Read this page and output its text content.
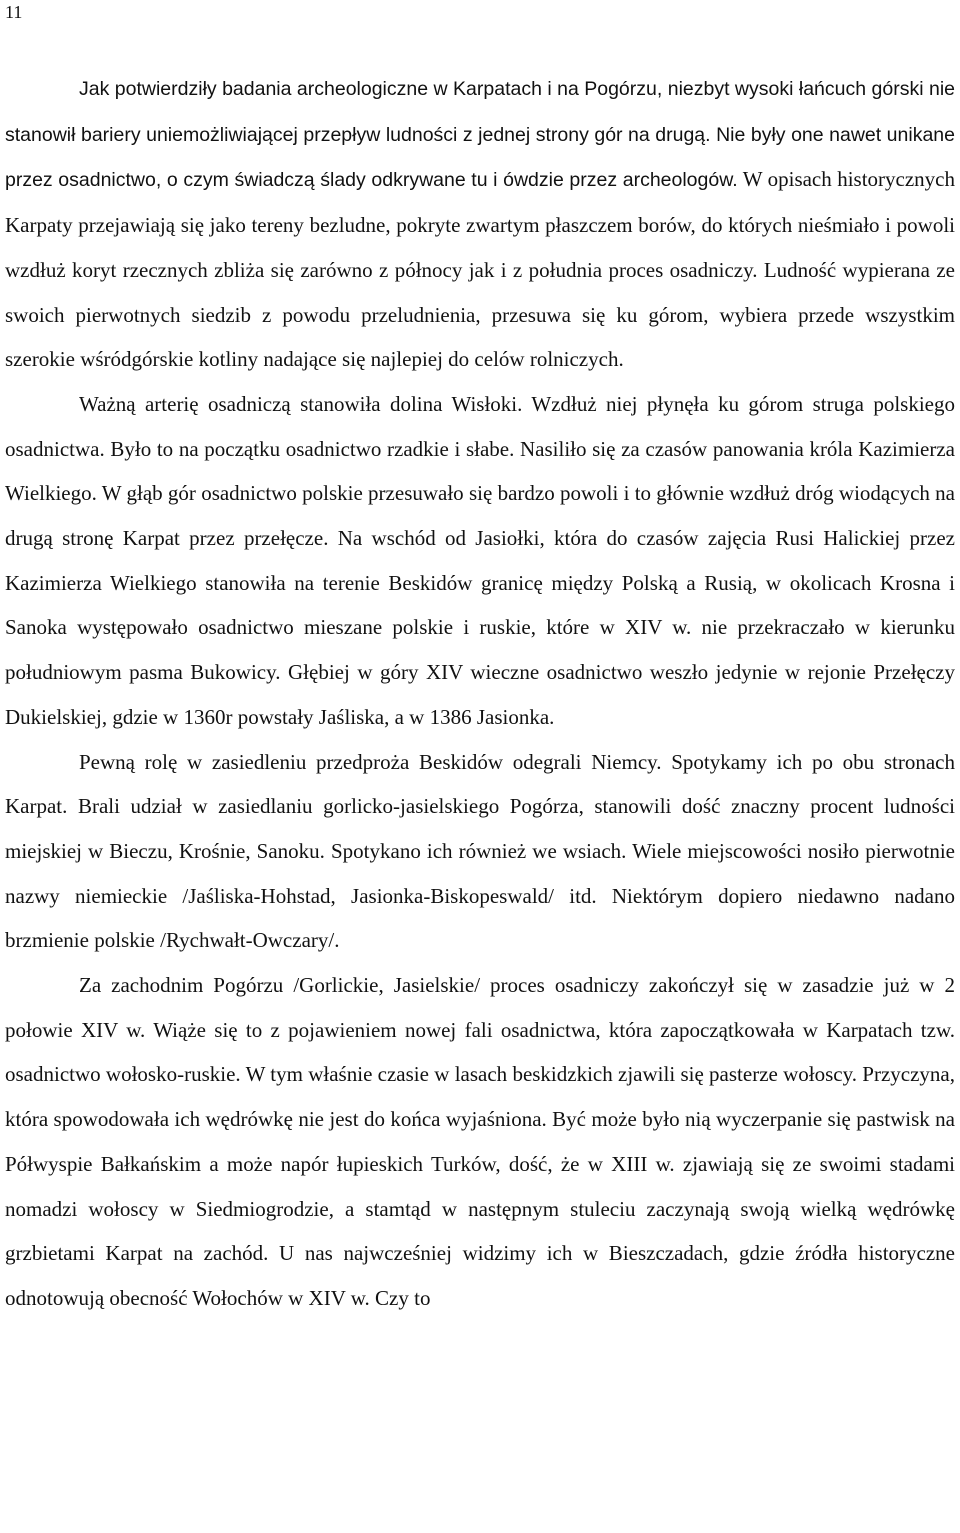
11

Jak potwierdziły badania archeologiczne w Karpatach i na Pogórzu, niezbyt wysoki łańcuch górski nie stanowił bariery uniemożliwiającej przepływ ludności z jednej strony gór na drugą. Nie były one nawet unikane przez osadnictwo, o czym świadczą ślady odkrywane tu i ówdzie przez archeologów. W opisach historycznych Karpaty przejawiają się jako tereny bezludne, pokryte zwartym płaszczem borów, do których nieśmiało i powoli wzdłuż koryt rzecznych zbliża się zarówno z północy jak i z południa proces osadniczy. Ludność wypierana ze swoich pierwotnych siedzib z powodu przeludnienia, przesuwa się ku górom, wybiera przede wszystkim szerokie wśródgórskie kotliny nadające się najlepiej do celów rolniczych.

Ważną arterię osadniczą stanowiła dolina Wisłoki. Wzdłuż niej płynęła ku górom struga polskiego osadnictwa. Było to na początku osadnictwo rzadkie i słabe. Nasiliło się za czasów panowania króla Kazimierza Wielkiego. W głąb gór osadnictwo polskie przesuwało się bardzo powoli i to głównie wzdłuż dróg wiodących na drugą stronę Karpat przez przełęcze. Na wschód od Jasiołki, która do czasów zajęcia Rusi Halickiej przez Kazimierza Wielkiego stanowiła na terenie Beskidów granicę między Polską a Rusią, w okolicach Krosna i Sanoka występowało osadnictwo mieszane polskie i ruskie, które w XIV w. nie przekraczało w kierunku południowym pasma Bukowicy. Głębiej w góry XIV wieczne osadnictwo weszło jedynie w rejonie Przełęczy Dukielskiej, gdzie w 1360r powstały Jaśliska, a w 1386 Jasionka.

Pewną rolę w zasiedleniu przedproża Beskidów odegrali Niemcy. Spotykamy ich po obu stronach Karpat. Brali udział w zasiedlaniu gorlicko-jasielskiego Pogórza, stanowili dość znaczny procent ludności miejskiej w Bieczu, Krośnie, Sanoku. Spotykano ich również we wsiach. Wiele miejscowości nosiło pierwotnie nazwy niemieckie /Jaśliska-Hohstad, Jasionka-Biskopeswald/ itd. Niektórym dopiero niedawno nadano brzmienie polskie /Rychwałt-Owczary/.

Za zachodnim Pogórzu /Gorlickie, Jasielskie/ proces osadniczy zakończył się w zasadzie już w 2 połowie XIV w. Wiąże się to z pojawieniem nowej fali osadnictwa, która zapoczątkowała w Karpatach tzw. osadnictwo wołosko-ruskie. W tym właśnie czasie w lasach beskidzkich zjawili się pasterze wołoscy. Przyczyna, która spowodowała ich wędrówkę nie jest do końca wyjaśniona. Być może było nią wyczerpanie się pastwisk na Półwyspie Bałkańskim a może napór łupieskich Turków, dość, że w XIII w. zjawiają się ze swoimi stadami nomadzi wołoscy w Siedmiogrodzie, a stamtąd w następnym stuleciu zaczynają swoją wielką wędrówkę grzbietami Karpat na zachód. U nas najwcześniej widzimy ich w Bieszczadach, gdzie źródła historyczne odnotowują obecność Wołochów w XIV w. Czy to
